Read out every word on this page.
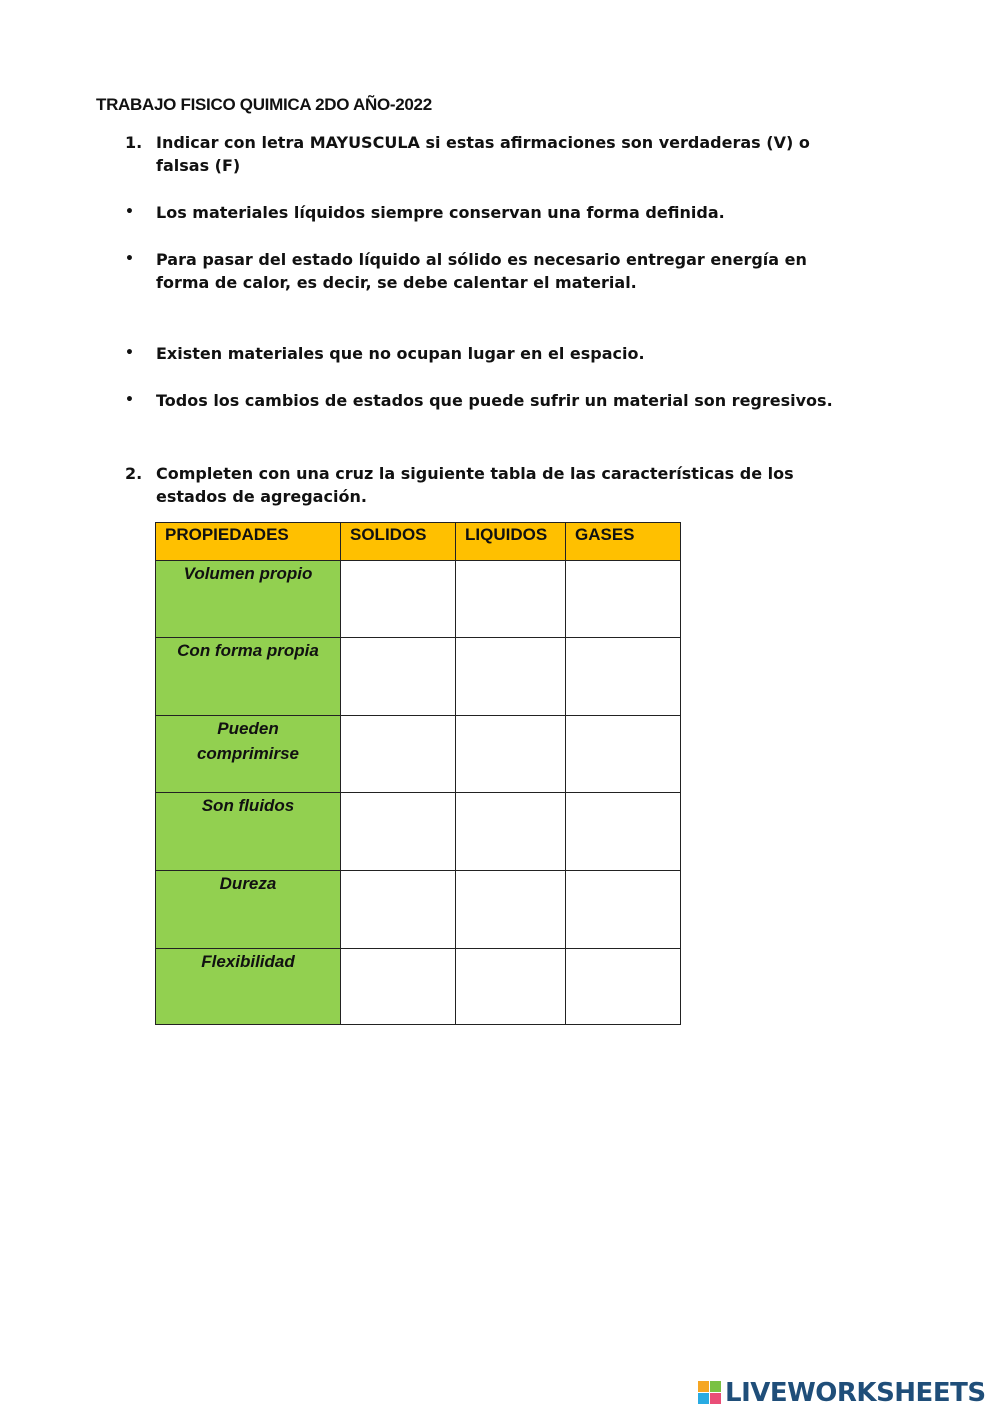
TRABAJO FISICO QUIMICA 2DO AÑO-2022
1. Indicar con letra MAYUSCULA si estas afirmaciones son verdaderas (V) o falsas (F)
• Los materiales líquidos siempre conservan una forma definida.
• Para pasar del estado líquido al sólido es necesario entregar energía en forma de calor, es decir, se debe calentar el material.
• Existen materiales que no ocupan lugar en el espacio.
• Todos los cambios de estados que puede sufrir un material son regresivos.
2. Completen con una cruz la siguiente tabla de las características de los estados de agregación.
PROPIEDADES	SOLIDOS	LIQUIDOS	GASES
Volumen propio			
Con forma propia			
Pueden comprimirse			
Son fluidos			
Dureza			
Flexibilidad			
LIVEWORKSHEETS
